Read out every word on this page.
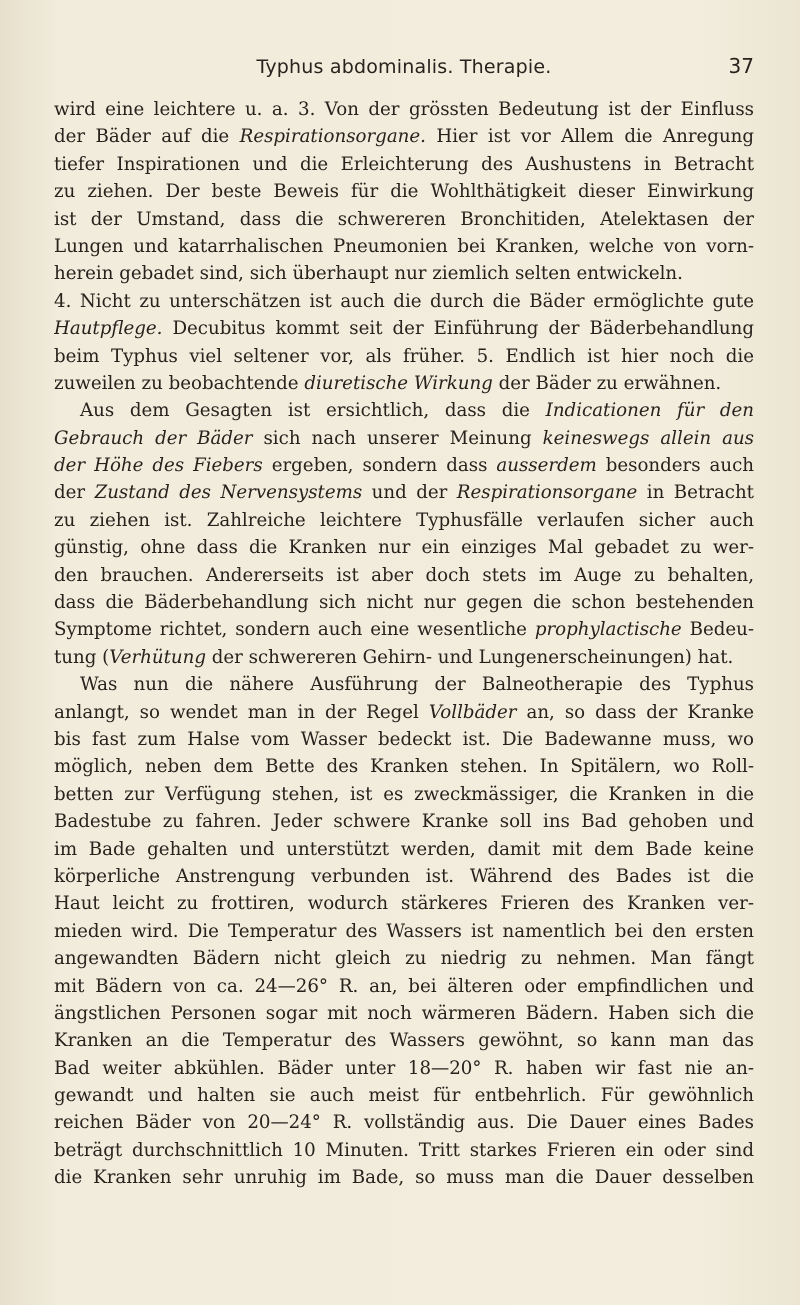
Typhus abdominalis. Therapie.	37
wird eine leichtere u. a. 3. Von der grössten Bedeutung ist der Einfluss
der Bäder auf die Respirationsorgane. Hier ist vor Allem die Anregung
tiefer Inspirationen und die Erleichterung des Aushustens in Betracht
zu ziehen. Der beste Beweis für die Wohlthätigkeit dieser Einwirkung
ist der Umstand, dass die schwereren Bronchitiden, Atelektasen der
Lungen und katarrhalischen Pneumonien bei Kranken, welche von vorn-
herein gebadet sind, sich überhaupt nur ziemlich selten entwickeln.
4. Nicht zu unterschätzen ist auch die durch die Bäder ermöglichte gute
Hautpflege. Decubitus kommt seit der Einführung der Bäderbehandlung
beim Typhus viel seltener vor, als früher. 5. Endlich ist hier noch die
zuweilen zu beobachtende diuretische Wirkung der Bäder zu erwähnen.
Aus dem Gesagten ist ersichtlich, dass die Indicationen für den
Gebrauch der Bäder sich nach unserer Meinung keineswegs allein aus
der Höhe des Fiebers ergeben, sondern dass ausserdem besonders auch
der Zustand des Nervensystems und der Respirationsorgane in Betracht
zu ziehen ist. Zahlreiche leichtere Typhusfälle verlaufen sicher auch
günstig, ohne dass die Kranken nur ein einziges Mal gebadet zu wer-
den brauchen. Andererseits ist aber doch stets im Auge zu behalten,
dass die Bäderbehandlung sich nicht nur gegen die schon bestehenden
Symptome richtet, sondern auch eine wesentliche prophylactische Bedeu-
tung (Verhütung der schwereren Gehirn- und Lungenerscheinungen) hat.
Was nun die nähere Ausführung der Balneotherapie des Typhus
anlangt, so wendet man in der Regel Vollbäder an, so dass der Kranke
bis fast zum Halse vom Wasser bedeckt ist. Die Badewanne muss, wo
möglich, neben dem Bette des Kranken stehen. In Spitälern, wo Roll-
betten zur Verfügung stehen, ist es zweckmässiger, die Kranken in die
Badestube zu fahren. Jeder schwere Kranke soll ins Bad gehoben und
im Bade gehalten und unterstützt werden, damit mit dem Bade keine
körperliche Anstrengung verbunden ist. Während des Bades ist die
Haut leicht zu frottiren, wodurch stärkeres Frieren des Kranken ver-
mieden wird. Die Temperatur des Wassers ist namentlich bei den ersten
angewandten Bädern nicht gleich zu niedrig zu nehmen. Man fängt
mit Bädern von ca. 24—26° R. an, bei älteren oder empfindlichen und
ängstlichen Personen sogar mit noch wärmeren Bädern. Haben sich die
Kranken an die Temperatur des Wassers gewöhnt, so kann man das
Bad weiter abkühlen. Bäder unter 18—20° R. haben wir fast nie an-
gewandt und halten sie auch meist für entbehrlich. Für gewöhnlich
reichen Bäder von 20—24° R. vollständig aus. Die Dauer eines Bades
beträgt durchschnittlich 10 Minuten. Tritt starkes Frieren ein oder sind
die Kranken sehr unruhig im Bade, so muss man die Dauer desselben
